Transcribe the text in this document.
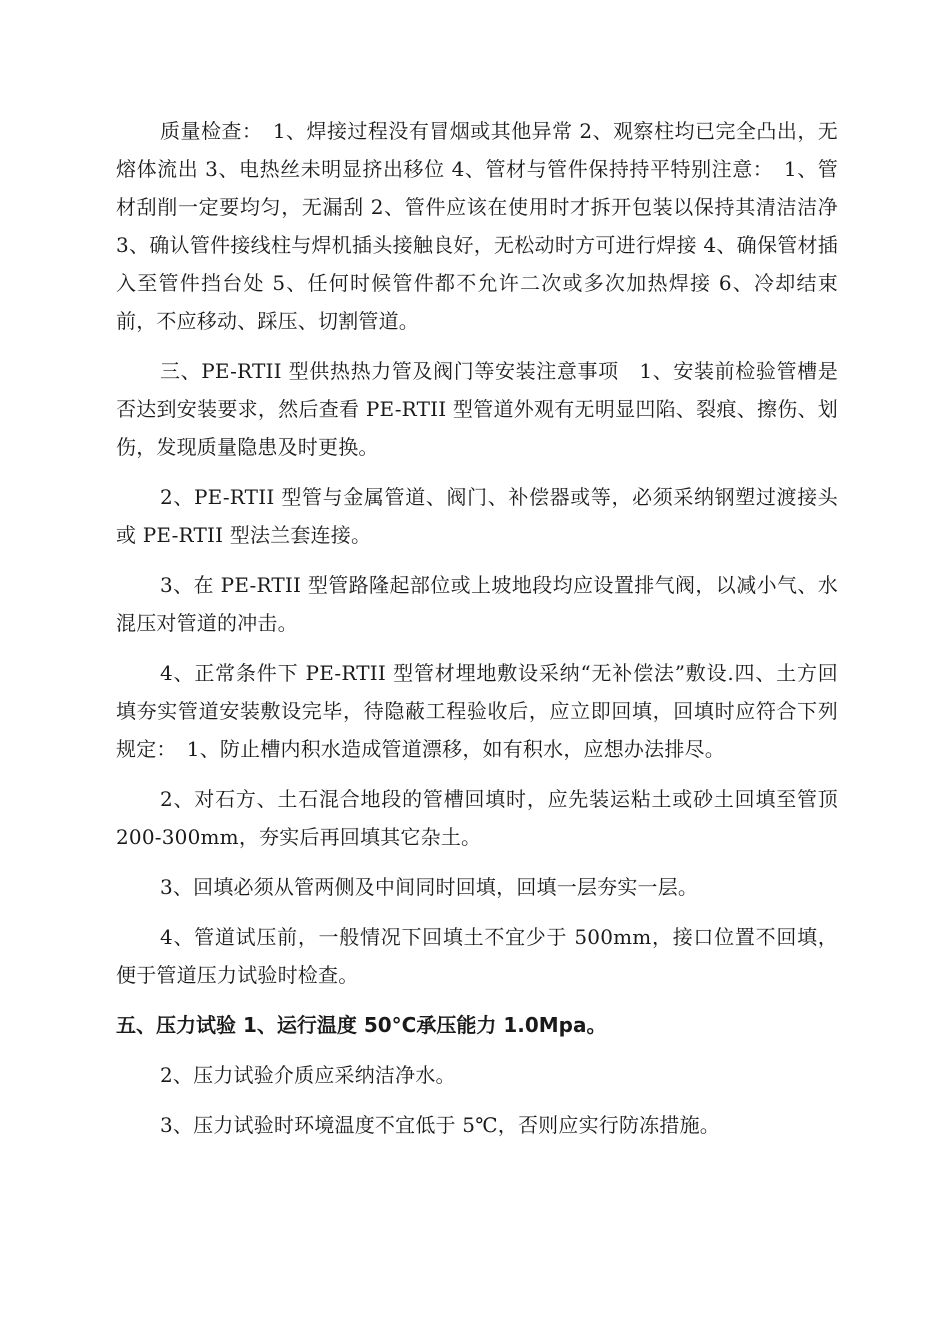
质量检查：　1、焊接过程没有冒烟或其他异常 2、观察柱均已完全凸出，无熔体流出 3、电热丝未明显挤出移位 4、管材与管件保持持平特别注意：　1、管材刮削一定要均匀，无漏刮 2、管件应该在使用时才拆开包装以保持其清洁洁净 3、确认管件接线柱与焊机插头接触良好，无松动时方可进行焊接 4、确保管材插入至管件挡台处 5、任何时候管件都不允许二次或多次加热焊接 6、冷却结束前，不应移动、踩压、切割管道。

三、PE-RTII 型供热热力管及阀门等安装注意事项　1、安装前检验管槽是否达到安装要求，然后查看 PE-RTII 型管道外观有无明显凹陷、裂痕、擦伤、划伤，发现质量隐患及时更换。

2、PE-RTII 型管与金属管道、阀门、补偿器或等，必须采纳钢塑过渡接头或 PE-RTII 型法兰套连接。

3、在 PE-RTII 型管路隆起部位或上坡地段均应设置排气阀，以减小气、水混压对管道的冲击。

4、正常条件下 PE-RTII 型管材埋地敷设采纳“无补偿法”敷设.四、土方回填夯实管道安装敷设完毕，待隐蔽工程验收后，应立即回填，回填时应符合下列规定：　1、防止槽内积水造成管道漂移，如有积水，应想办法排尽。

2、对石方、土石混合地段的管槽回填时，应先装运粘土或砂土回填至管顶 200-300mm，夯实后再回填其它杂土。

3、回填必须从管两侧及中间同时回填，回填一层夯实一层。

4、管道试压前，一般情况下回填土不宜少于 500mm，接口位置不回填，便于管道压力试验时检查。

五、压力试验 1、运行温度 50°C承压能力 1.0Mpa。

2、压力试验介质应采纳洁净水。

3、压力试验时环境温度不宜低于 5℃，否则应实行防冻措施。
